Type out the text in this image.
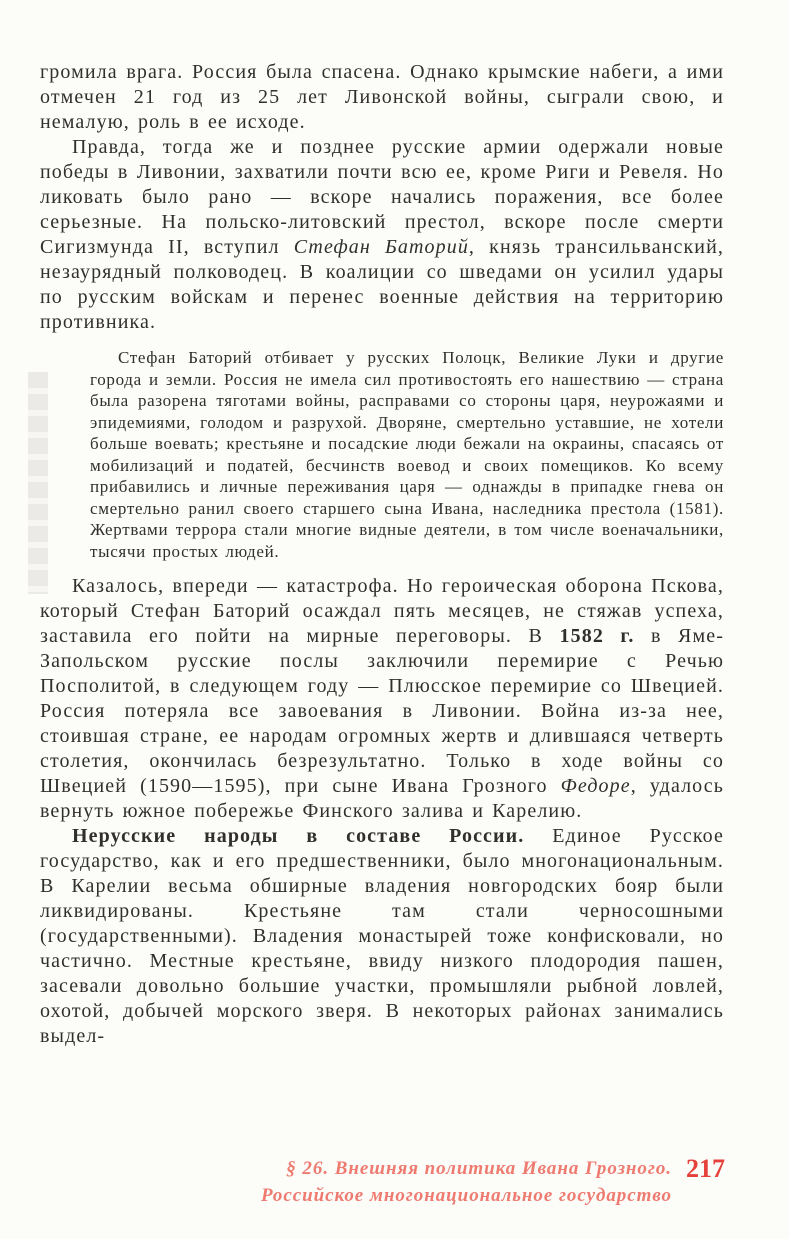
громила врага. Россия была спасена. Однако крымские набеги, а ими отмечен 21 год из 25 лет Ливонской войны, сыграли свою, и немалую, роль в ее исходе.

Правда, тогда же и позднее русские армии одержали новые победы в Ливонии, захватили почти всю ее, кроме Риги и Ревеля. Но ликовать было рано — вскоре начались поражения, все более серьезные. На польско-литовский престол, вскоре после смерти Сигизмунда II, вступил Стефан Баторий, князь трансильванский, незаурядный полководец. В коалиции со шведами он усилил удары по русским войскам и перенес военные действия на территорию противника.

Стефан Баторий отбивает у русских Полоцк, Великие Луки и другие города и земли. Россия не имела сил противостоять его нашествию — страна была разорена тяготами войны, расправами со стороны царя, неурожаями и эпидемиями, голодом и разрухой. Дворяне, смертельно уставшие, не хотели больше воевать; крестьяне и посадские люди бежали на окраины, спасаясь от мобилизаций и податей, бесчинств воевод и своих помещиков. Ко всему прибавились и личные переживания царя — однажды в припадке гнева он смертельно ранил своего старшего сына Ивана, наследника престола (1581). Жертвами террора стали многие видные деятели, в том числе военачальники, тысячи простых людей.

Казалось, впереди — катастрофа. Но героическая оборона Пскова, который Стефан Баторий осаждал пять месяцев, не стяжав успеха, заставила его пойти на мирные переговоры. В 1582 г. в Яме-Запольском русские послы заключили перемирие с Речью Посполитой, в следующем году — Плюсское перемирие со Швецией. Россия потеряла все завоевания в Ливонии. Война из-за нее, стоившая стране, ее народам огромных жертв и длившаяся четверть столетия, окончилась безрезультатно. Только в ходе войны со Швецией (1590—1595), при сыне Ивана Грозного Федоре, удалось вернуть южное побережье Финского залива и Карелию.

Нерусские народы в составе России. Единое Русское государство, как и его предшественники, было многонациональным. В Карелии весьма обширные владения новгородских бояр были ликвидированы. Крестьяне там стали черносошными (государственными). Владения монастырей тоже конфисковали, но частично. Местные крестьяне, ввиду низкого плодородия пашен, засевали довольно большие участки, промышляли рыбной ловлей, охотой, добычей морского зверя. В некоторых районах занимались выдел-

§ 26. Внешняя политика Ивана Грозного.
Российское многонациональное государство
217
